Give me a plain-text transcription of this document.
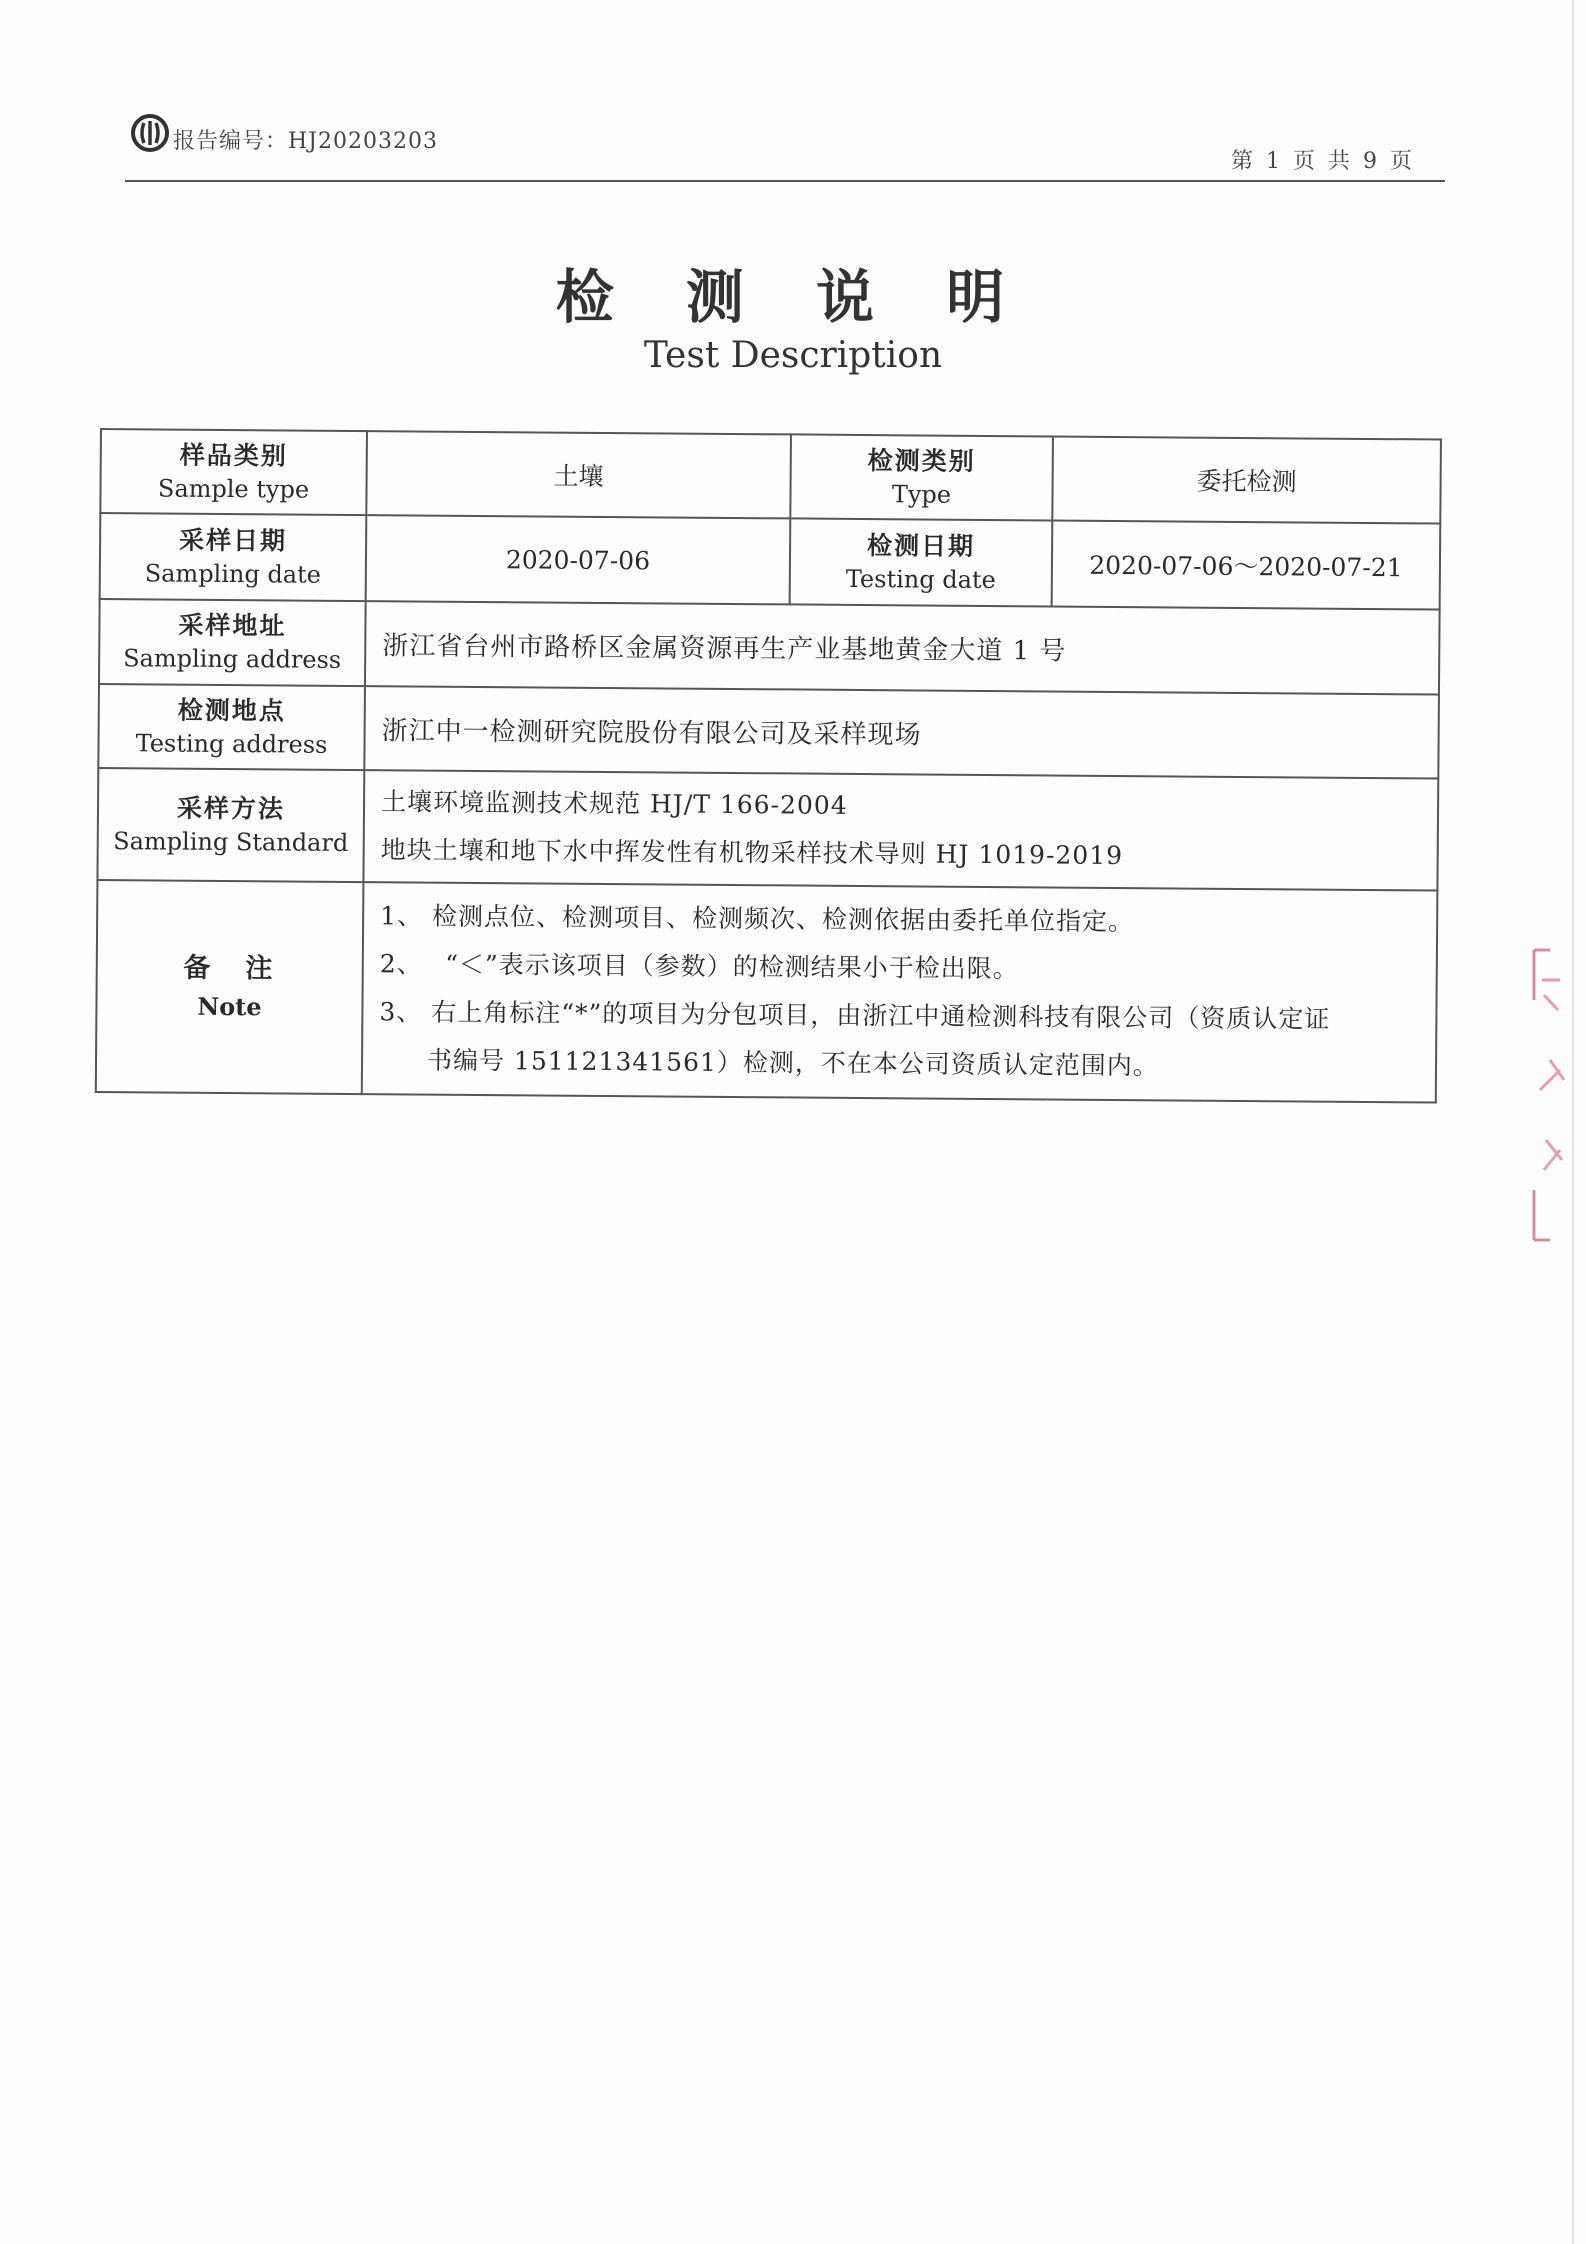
报告编号：HJ20203203
第 1 页 共 9 页
检 测 说 明
Test Description
样品类别
Sample type	土壤	检测类别
Type	委托检测

采样日期
Sampling date	2020-07-06	检测日期
Testing date	2020-07-06～2020-07-21

采样地址
Sampling address	浙江省台州市路桥区金属资源再生产业基地黄金大道 1 号		

检测地点
Testing address	浙江中一检测研究院股份有限公司及采样现场		

采样方法
Sampling Standard	土壤环境监测技术规范 HJ/T 166-2004
地块土壤和地下水中挥发性有机物采样技术导则 HJ 1019-2019		

备　注
Note	1、 检测点位、检测项目、检测频次、检测依据由委托单位指定。
2、　 “＜”表示该项目（参数）的检测结果小于检出限。
3、 右上角标注“*”的项目为分包项目，由浙江中通检测科技有限公司（资质认定证
书编号 151121341561）检测，不在本公司资质认定范围内。		
